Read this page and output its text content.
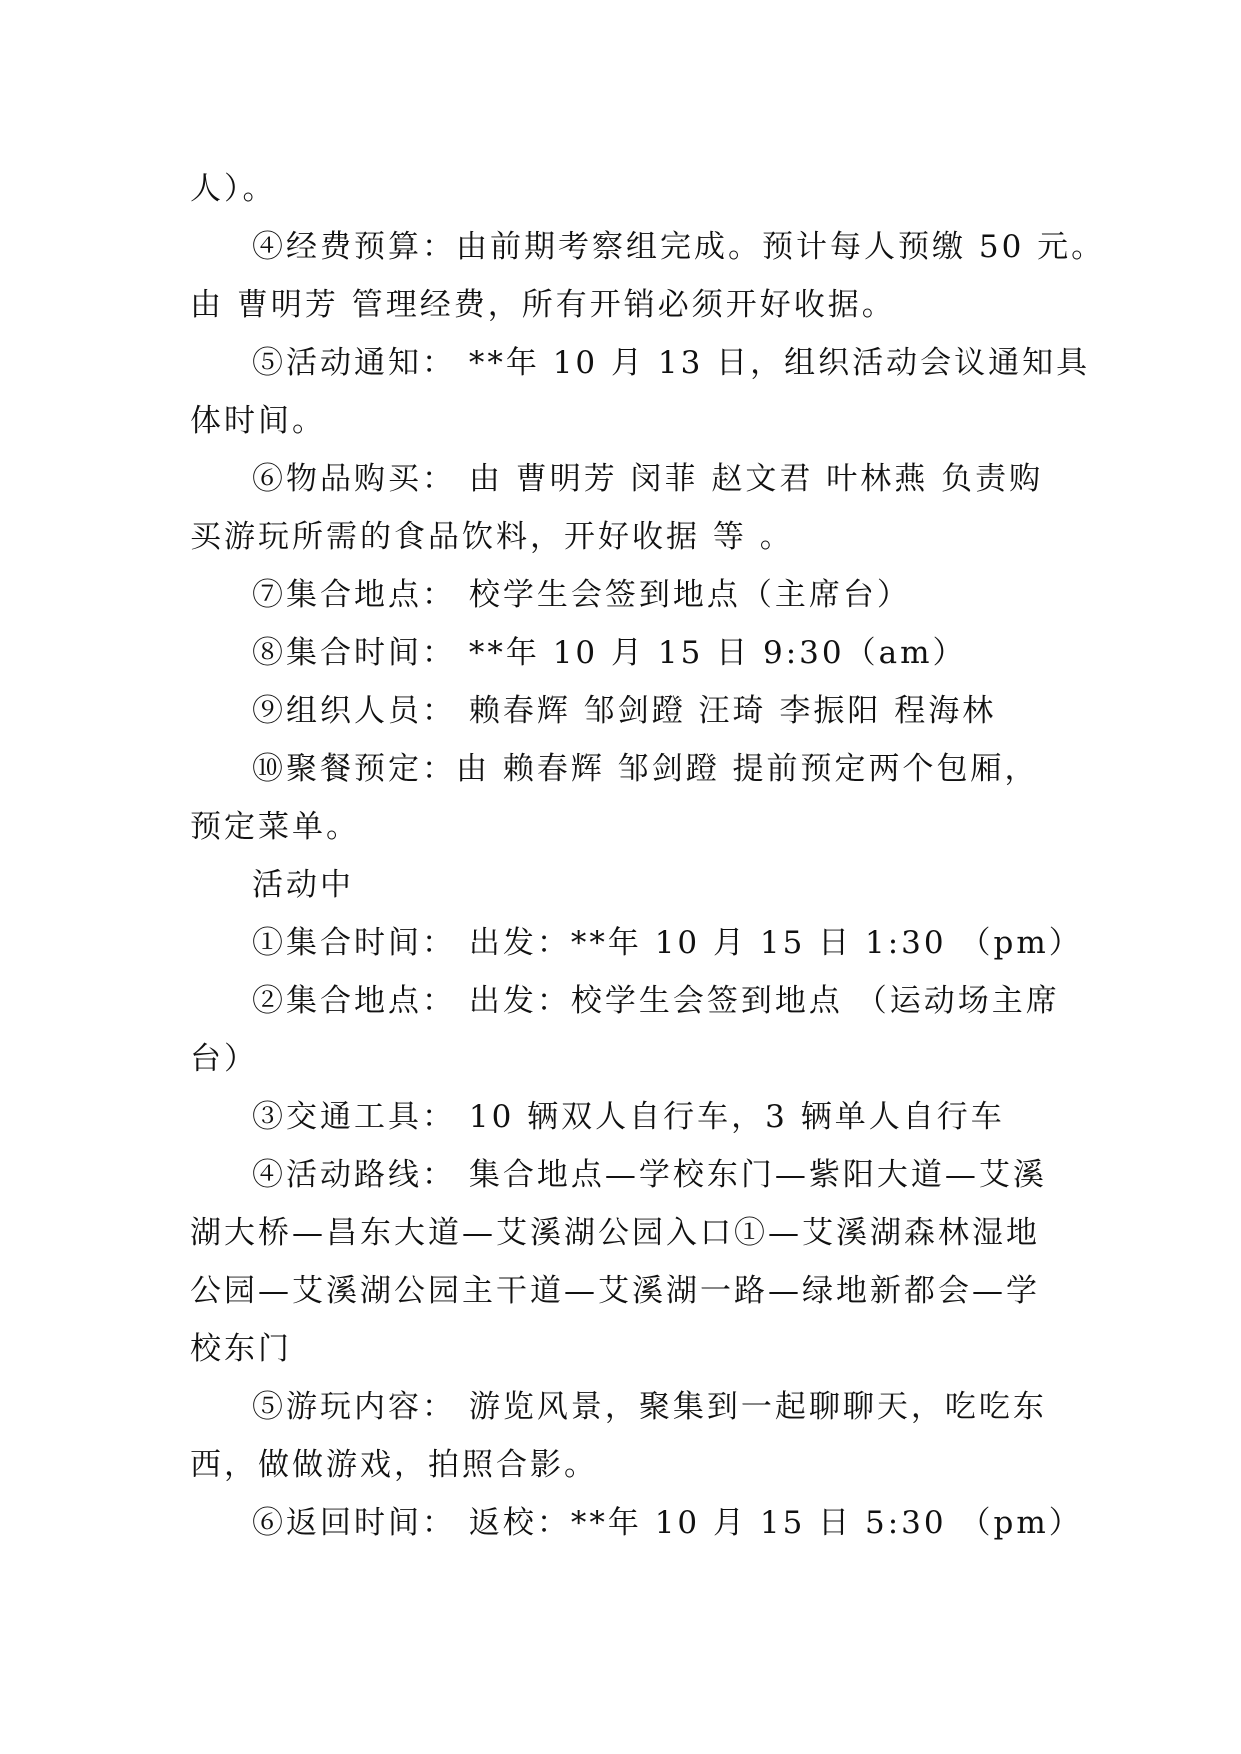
人）。
④经费预算：由前期考察组完成。预计每人预缴 50 元。
由 曹明芳 管理经费，所有开销必须开好收据。
⑤活动通知： **年 10 月 13 日，组织活动会议通知具
体时间。
⑥物品购买： 由 曹明芳 闵菲 赵文君 叶林燕 负责购
买游玩所需的食品饮料，开好收据 等 。
⑦集合地点： 校学生会签到地点（主席台）
⑧集合时间： **年 10 月 15 日 9:30（am）
⑨组织人员： 赖春辉 邹剑蹬 汪琦 李振阳 程海林
⑩聚餐预定：由 赖春辉 邹剑蹬 提前预定两个包厢，
预定菜单。
活动中
①集合时间： 出发：**年 10 月 15 日 1:30 （pm）
②集合地点： 出发：校学生会签到地点 （运动场主席
台）
③交通工具： 10 辆双人自行车，3 辆单人自行车
④活动路线： 集合地点—学校东门—紫阳大道—艾溪
湖大桥—昌东大道—艾溪湖公园入口①—艾溪湖森林湿地
公园—艾溪湖公园主干道—艾溪湖一路—绿地新都会—学
校东门
⑤游玩内容： 游览风景，聚集到一起聊聊天，吃吃东
西，做做游戏，拍照合影。
⑥返回时间： 返校：**年 10 月 15 日 5:30 （pm）
